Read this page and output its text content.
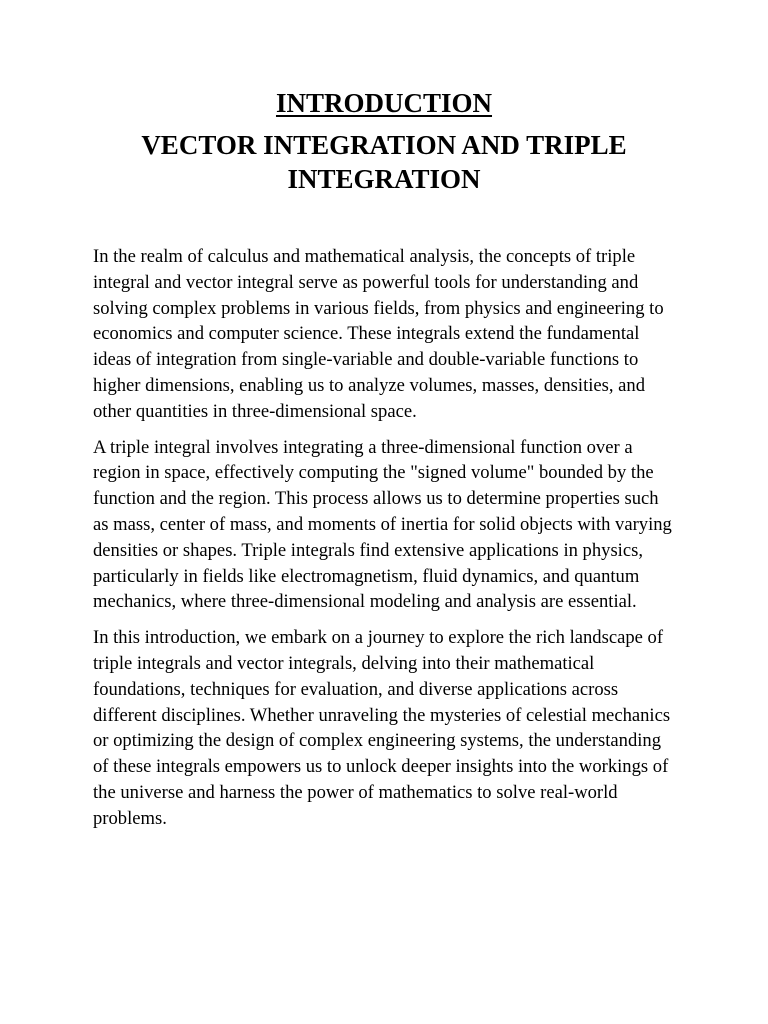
INTRODUCTION
VECTOR INTEGRATION AND TRIPLE INTEGRATION

In the realm of calculus and mathematical analysis, the concepts of triple integral and vector integral serve as powerful tools for understanding and solving complex problems in various fields, from physics and engineering to economics and computer science. These integrals extend the fundamental ideas of integration from single-variable and double-variable functions to higher dimensions, enabling us to analyze volumes, masses, densities, and other quantities in three-dimensional space.

A triple integral involves integrating a three-dimensional function over a region in space, effectively computing the "signed volume" bounded by the function and the region. This process allows us to determine properties such as mass, center of mass, and moments of inertia for solid objects with varying densities or shapes. Triple integrals find extensive applications in physics, particularly in fields like electromagnetism, fluid dynamics, and quantum mechanics, where three-dimensional modeling and analysis are essential.

In this introduction, we embark on a journey to explore the rich landscape of triple integrals and vector integrals, delving into their mathematical foundations, techniques for evaluation, and diverse applications across different disciplines. Whether unraveling the mysteries of celestial mechanics or optimizing the design of complex engineering systems, the understanding of these integrals empowers us to unlock deeper insights into the workings of the universe and harness the power of mathematics to solve real-world problems.
